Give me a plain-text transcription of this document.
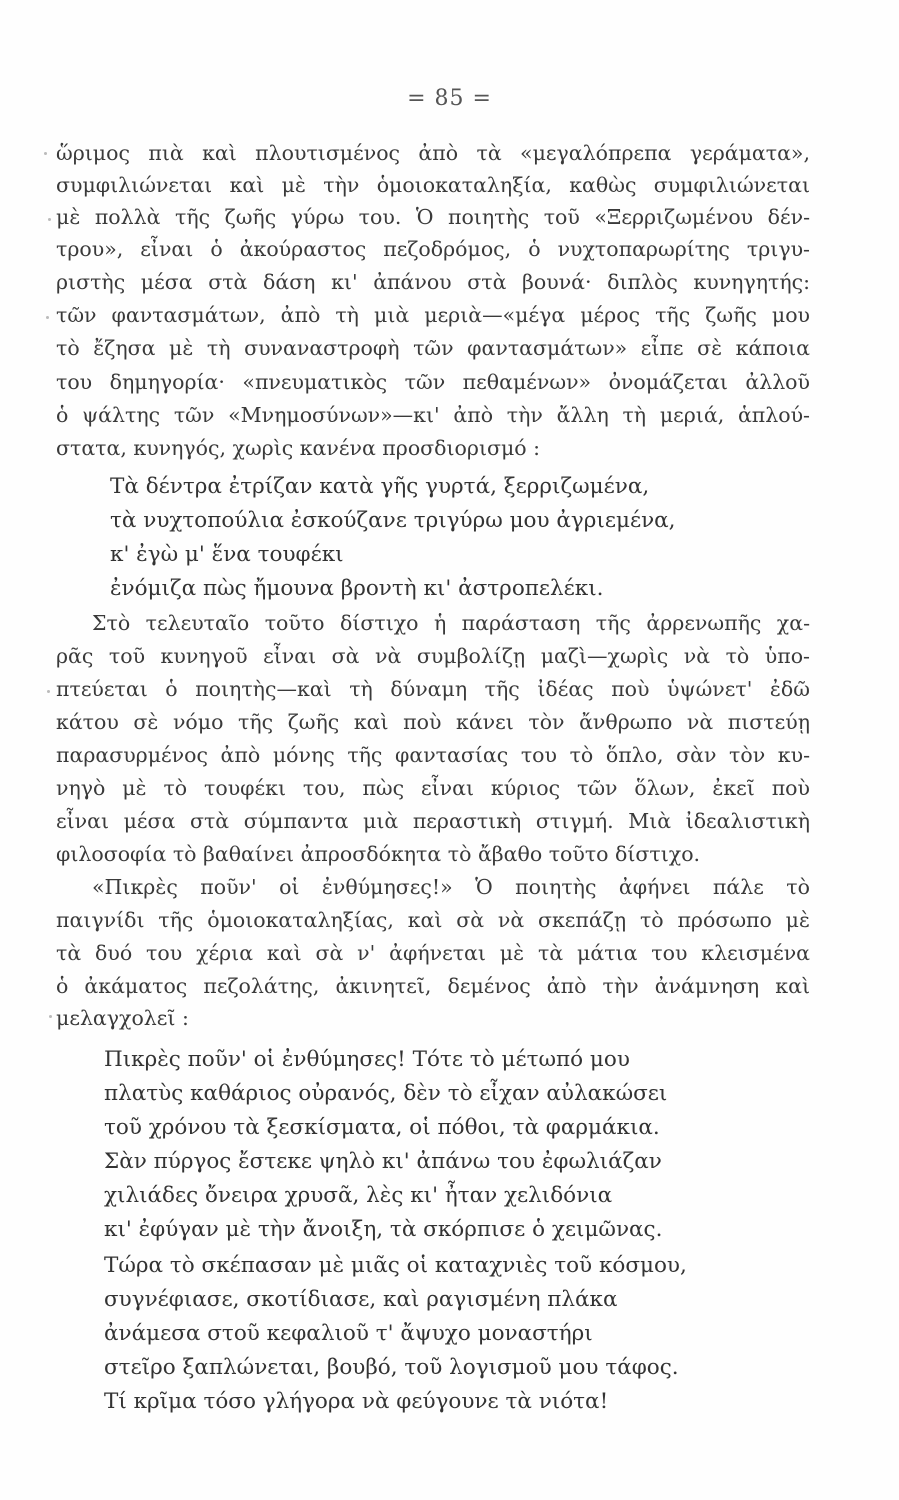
= 85 =
ὥριμος πιὰ καὶ πλουτισμένος ἀπὸ τὰ «μεγαλόπρεπα γεράματα»,
συμφιλιώνεται καὶ μὲ τὴν ὁμοιοκαταληξία, καθὼς συμφιλιώνεται
μὲ πολλὰ τῆς ζωῆς γύρω του. Ὁ ποιητὴς τοῦ «Ξερριζωμένου δέν-
τρου», εἶναι ὁ ἀκούραστος πεζοδρόμος, ὁ νυχτοπαρωρίτης τριγυ-
ριστὴς μέσα στὰ δάση κι' ἀπάνου στὰ βουνά· διπλὸς κυνηγητής:
τῶν φαντασμάτων, ἀπὸ τὴ μιὰ μεριὰ—«μέγα μέρος τῆς ζωῆς μου
τὸ ἔζησα μὲ τὴ συναναστροφὴ τῶν φαντασμάτων» εἶπε σὲ κάποια
του δημηγορία· «πνευματικὸς τῶν πεθαμένων» ὀνομάζεται ἀλλοῦ
ὁ ψάλτης τῶν «Μνημοσύνων»—κι' ἀπὸ τὴν ἄλλη τὴ μεριά, ἁπλού-
στατα, κυνηγός, χωρὶς κανένα προσδιορισμό :
Τὰ δέντρα ἐτρίζαν κατὰ γῆς γυρτά, ξερριζωμένα,
τὰ νυχτοπούλια ἐσκούζανε τριγύρω μου ἀγριεμένα,
κ' ἐγὼ μ' ἕνα τουφέκι
ἐνόμιζα πὼς ἤμουνα βροντὴ κι' ἀστροπελέκι.
Στὸ τελευταῖο τοῦτο δίστιχο ἡ παράσταση τῆς ἀρρενωπῆς χα-
ρᾶς τοῦ κυνηγοῦ εἶναι σὰ νὰ συμβολίζῃ μαζὶ—χωρὶς νὰ τὸ ὑπο-
πτεύεται ὁ ποιητὴς—καὶ τὴ δύναμη τῆς ἰδέας ποὺ ὑψώνετ' ἐδῶ
κάτου σὲ νόμο τῆς ζωῆς καὶ ποὺ κάνει τὸν ἄνθρωπο νὰ πιστεύῃ
παρασυρμένος ἀπὸ μόνης τῆς φαντασίας του τὸ ὅπλο, σὰν τὸν κυ-
νηγὸ μὲ τὸ τουφέκι του, πὼς εἶναι κύριος τῶν ὅλων, ἐκεῖ ποὺ
εἶναι μέσα στὰ σύμπαντα μιὰ περαστικὴ στιγμή. Μιὰ ἰδεαλιστικὴ
φιλοσοφία τὸ βαθαίνει ἀπροσδόκητα τὸ ἄβαθο τοῦτο δίστιχο.
«Πικρὲς ποῦν' οἱ ἐνθύμησες!» Ὁ ποιητὴς ἀφήνει πάλε τὸ
παιγνίδι τῆς ὁμοιοκαταληξίας, καὶ σὰ νὰ σκεπάζῃ τὸ πρόσωπο μὲ
τὰ δυό του χέρια καὶ σὰ ν' ἀφήνεται μὲ τὰ μάτια του κλεισμένα
ὁ ἀκάματος πεζολάτης, ἀκινητεῖ, δεμένος ἀπὸ τὴν ἀνάμνηση καὶ
μελαγχολεῖ :
Πικρὲς ποῦν' οἱ ἐνθύμησες! Τότε τὸ μέτωπό μου
πλατὺς καθάριος οὐρανός, δὲν τὸ εἶχαν αὐλακώσει
τοῦ χρόνου τὰ ξεσκίσματα, οἱ πόθοι, τὰ φαρμάκια.
Σὰν πύργος ἔστεκε ψηλὸ κι' ἀπάνω του ἐφωλιάζαν
χιλιάδες ὄνειρα χρυσᾶ, λὲς κι' ἦταν χελιδόνια
κι' ἐφύγαν μὲ τὴν ἄνοιξη, τὰ σκόρπισε ὁ χειμῶνας.
Τώρα τὸ σκέπασαν μὲ μιᾶς οἱ καταχνιὲς τοῦ κόσμου,
συγνέφιασε, σκοτίδιασε, καὶ ραγισμένη πλάκα
ἀνάμεσα στοῦ κεφαλιοῦ τ' ἄψυχο μοναστήρι
στεῖρο ξαπλώνεται, βουβό, τοῦ λογισμοῦ μου τάφος.
Τί κρῖμα τόσο γλήγορα νὰ φεύγουνε τὰ νιότα!
